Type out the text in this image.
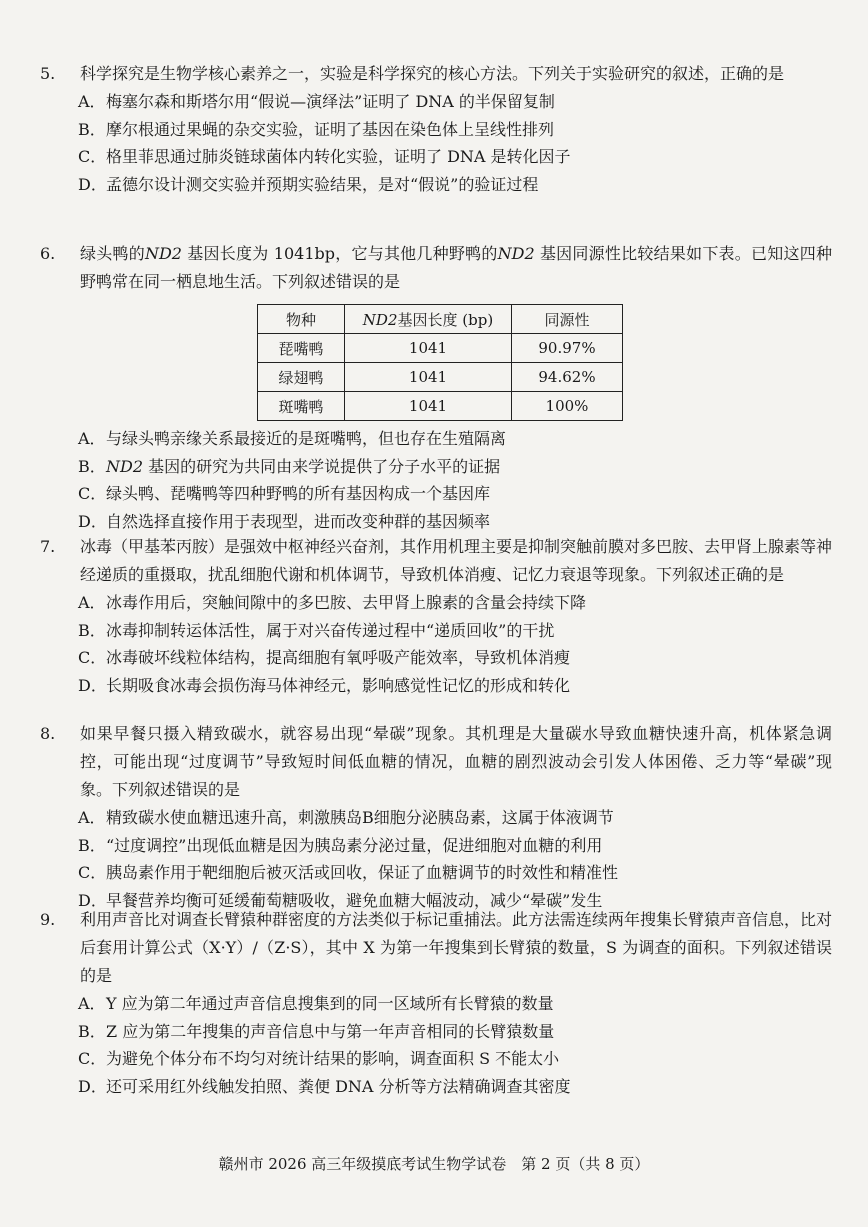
5.	科学探究是生物学核心素养之一，实验是科学探究的核心方法。下列关于实验研究的叙述，正确的是
A．梅塞尔森和斯塔尔用“假说—演绎法”证明了 DNA 的半保留复制
B．摩尔根通过果蝇的杂交实验，证明了基因在染色体上呈线性排列
C．格里菲思通过肺炎链球菌体内转化实验，证明了 DNA 是转化因子
D．孟德尔设计测交实验并预期实验结果，是对“假说”的验证过程
6.	绿头鸭的ND2 基因长度为 1041bp，它与其他几种野鸭的ND2 基因同源性比较结果如下表。已知这四种野鸭常在同一栖息地生活。下列叙述错误的是
物种	ND2基因长度 (bp)	同源性
琵嘴鸭	1041	90.97%
绿翅鸭	1041	94.62%
斑嘴鸭	1041	100%
A．与绿头鸭亲缘关系最接近的是斑嘴鸭，但也存在生殖隔离
B．ND2 基因的研究为共同由来学说提供了分子水平的证据
C．绿头鸭、琵嘴鸭等四种野鸭的所有基因构成一个基因库
D．自然选择直接作用于表现型，进而改变种群的基因频率
7.	冰毒（甲基苯丙胺）是强效中枢神经兴奋剂，其作用机理主要是抑制突触前膜对多巴胺、去甲肾上腺素等神经递质的重摄取，扰乱细胞代谢和机体调节，导致机体消瘦、记忆力衰退等现象。下列叙述正确的是
A．冰毒作用后，突触间隙中的多巴胺、去甲肾上腺素的含量会持续下降
B．冰毒抑制转运体活性，属于对兴奋传递过程中“递质回收”的干扰
C．冰毒破坏线粒体结构，提高细胞有氧呼吸产能效率，导致机体消瘦
D．长期吸食冰毒会损伤海马体神经元，影响感觉性记忆的形成和转化
8.	如果早餐只摄入精致碳水，就容易出现“晕碳”现象。其机理是大量碳水导致血糖快速升高，机体紧急调控，可能出现“过度调节”导致短时间低血糖的情况，血糖的剧烈波动会引发人体困倦、乏力等“晕碳”现象。下列叙述错误的是
A．精致碳水使血糖迅速升高，刺激胰岛B细胞分泌胰岛素，这属于体液调节
B．“过度调控”出现低血糖是因为胰岛素分泌过量，促进细胞对血糖的利用
C．胰岛素作用于靶细胞后被灭活或回收，保证了血糖调节的时效性和精准性
D．早餐营养均衡可延缓葡萄糖吸收，避免血糖大幅波动，减少“晕碳”发生
9.	利用声音比对调查长臂猿种群密度的方法类似于标记重捕法。此方法需连续两年搜集长臂猿声音信息，比对后套用计算公式（X·Y）/（Z·S），其中 X 为第一年搜集到长臂猿的数量，S 为调查的面积。下列叙述错误的是
A．Y 应为第二年通过声音信息搜集到的同一区域所有长臂猿的数量
B．Z 应为第二年搜集的声音信息中与第一年声音相同的长臂猿数量
C．为避免个体分布不均匀对统计结果的影响，调查面积 S 不能太小
D．还可采用红外线触发拍照、粪便 DNA 分析等方法精确调查其密度
赣州市 2026 高三年级摸底考试生物学试卷　第 2 页（共 8 页）
